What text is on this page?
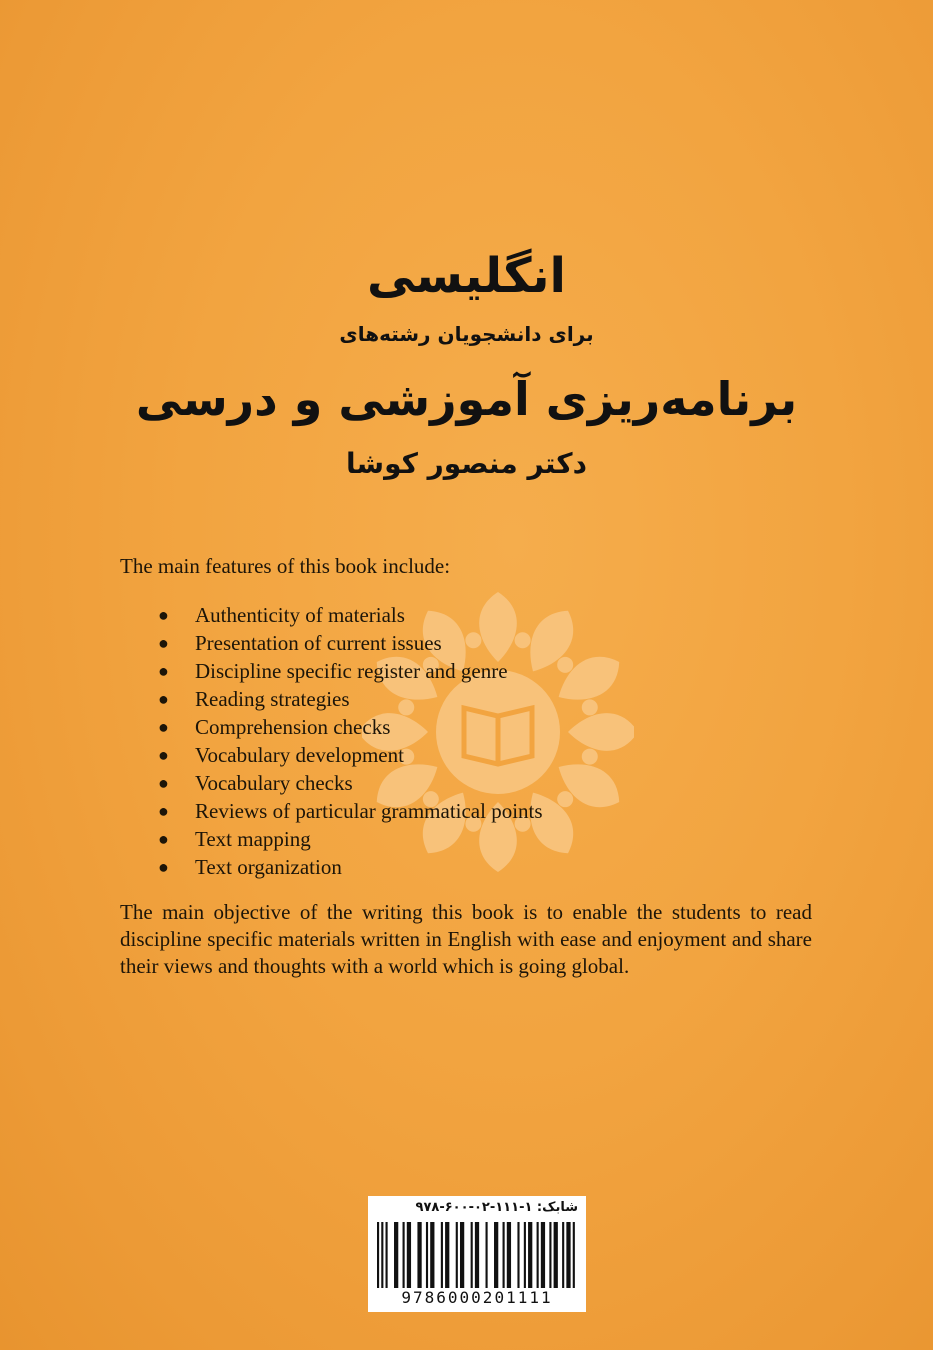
انگلیسی
برای دانشجویان رشته‌های
برنامه‌ریزی آموزشی و درسی
دکتر منصور کوشا
The main features of this book include:
● Authenticity of materials
● Presentation of current issues
● Discipline specific register and genre
● Reading strategies
● Comprehension checks
● Vocabulary development
● Vocabulary checks
● Reviews of particular grammatical points
● Text mapping
● Text organization
The main objective of the writing this book is to enable the students to read discipline specific materials written in English with ease and enjoyment and share their views and thoughts with a world which is going global.
شابک: ۱-۱۱۱-۰۲-۶۰۰-۹۷۸
9786000201111
